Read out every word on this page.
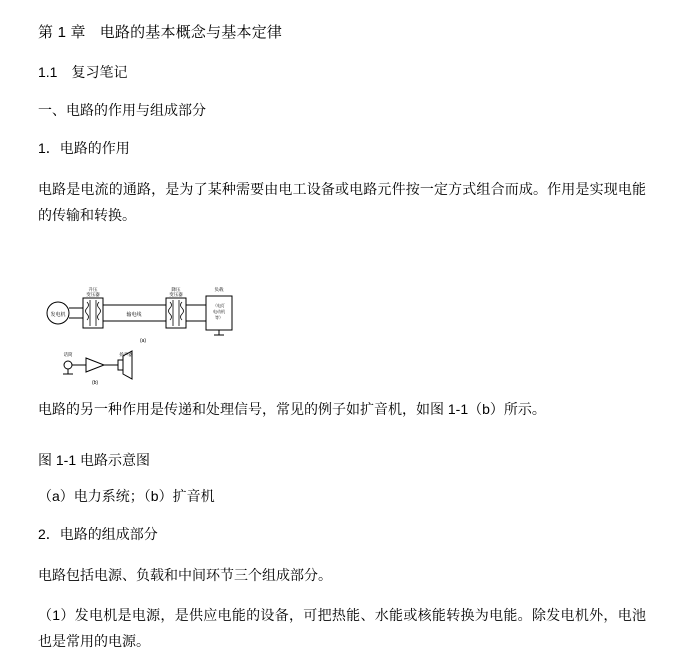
第 1 章 电路的基本概念与基本定律
1.1 复习笔记
一、电路的作用与组成部分
1．电路的作用
电路是电流的通路，是为了某种需要由电工设备或电路元件按一定方式组合而成。作用是实现电能的传输和转换。
发电机
升压
变压器
输电线
降压
变压器
负载
（电灯
电动机
等）
(a)
话筒	扬声器
(b)
电路的另一种作用是传递和处理信号，常见的例子如扩音机，如图 1-1（b）所示。
图 1-1 电路示意图
（a）电力系统；（b）扩音机
2．电路的组成部分
电路包括电源、负载和中间环节三个组成部分。
（1）发电机是电源，是供应电能的设备，可把热能、水能或核能转换为电能。除发电机外，电池也是常用的电源。
